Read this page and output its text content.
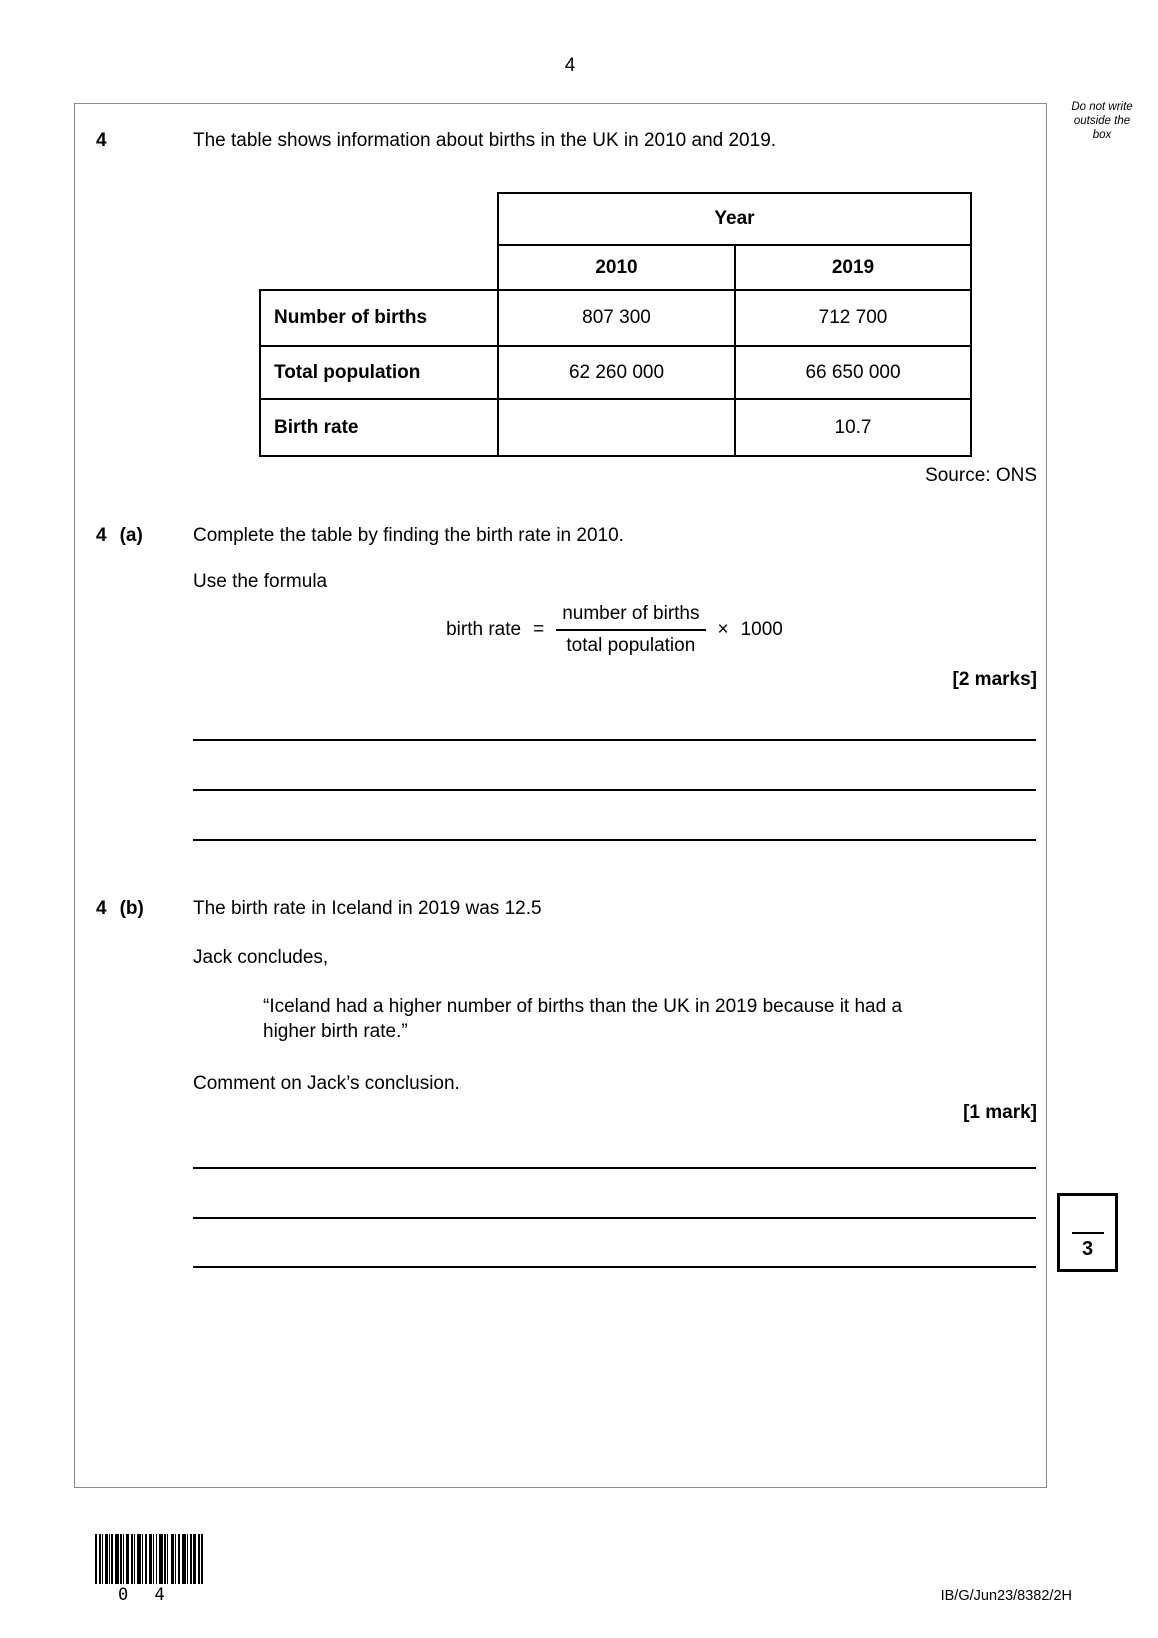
4
Do not write
outside the
box
4	The table shows information about births in the UK in 2010 and 2019.
	Year	
	2010	2019
Number of births	807 300	712 700
Total population	62 260 000	66 650 000
Birth rate		10.7
Source: ONS
4 (a)	Complete the table by finding the birth rate in 2010.
Use the formula
birth rate = $\frac{\text{number of births}}{\text{total population}} \times 1000$
[2 marks]
4 (b)	The birth rate in Iceland in 2019 was 12.5
Jack concludes,
“Iceland had a higher number of births than the UK in 2019 because it had a
higher birth rate.”
Comment on Jack’s conclusion.
[1 mark]
3
0 4	IB/G/Jun23/8382/2H
